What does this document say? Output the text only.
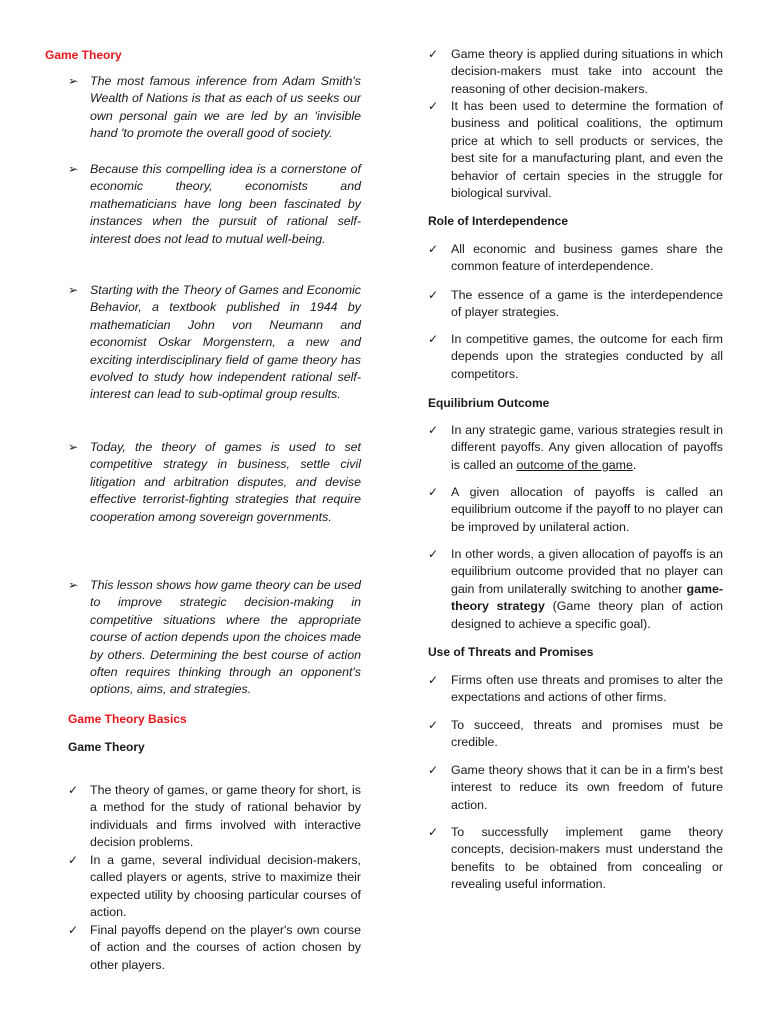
Game Theory

➢ The most famous inference from Adam Smith's Wealth of Nations is that as each of us seeks our own personal gain we are led by an 'invisible hand 'to promote the overall good of society.

➢ Because this compelling idea is a cornerstone of economic theory, economists and mathematicians have long been fascinated by instances when the pursuit of rational self-interest does not lead to mutual well-being.

➢ Starting with the Theory of Games and Economic Behavior, a textbook published in 1944 by mathematician John von Neumann and economist Oskar Morgenstern, a new and exciting interdisciplinary field of game theory has evolved to study how independent rational self-interest can lead to sub-optimal group results.

➢ Today, the theory of games is used to set competitive strategy in business, settle civil litigation and arbitration disputes, and devise effective terrorist-fighting strategies that require cooperation among sovereign governments.

➢ This lesson shows how game theory can be used to improve strategic decision-making in competitive situations where the appropriate course of action depends upon the choices made by others. Determining the best course of action often requires thinking through an opponent's options, aims, and strategies.

Game Theory Basics

Game Theory

✓ The theory of games, or game theory for short, is a method for the study of rational behavior by individuals and firms involved with interactive decision problems.

✓ In a game, several individual decision-makers, called players or agents, strive to maximize their expected utility by choosing particular courses of action.

✓ Final payoffs depend on the player's own course of action and the courses of action chosen by other players.

✓ Game theory is applied during situations in which decision-makers must take into account the reasoning of other decision-makers.

✓ It has been used to determine the formation of business and political coalitions, the optimum price at which to sell products or services, the best site for a manufacturing plant, and even the behavior of certain species in the struggle for biological survival.

Role of Interdependence

✓ All economic and business games share the common feature of interdependence.

✓ The essence of a game is the interdependence of player strategies.

✓ In competitive games, the outcome for each firm depends upon the strategies conducted by all competitors.

Equilibrium Outcome

✓ In any strategic game, various strategies result in different payoffs. Any given allocation of payoffs is called an outcome of the game.

✓ A given allocation of payoffs is called an equilibrium outcome if the payoff to no player can be improved by unilateral action.

✓ In other words, a given allocation of payoffs is an equilibrium outcome provided that no player can gain from unilaterally switching to another game-theory strategy (Game theory plan of action designed to achieve a specific goal).

Use of Threats and Promises

✓ Firms often use threats and promises to alter the expectations and actions of other firms.

✓ To succeed, threats and promises must be credible.

✓ Game theory shows that it can be in a firm's best interest to reduce its own freedom of future action.

✓ To successfully implement game theory concepts, decision-makers must understand the benefits to be obtained from concealing or revealing useful information.
